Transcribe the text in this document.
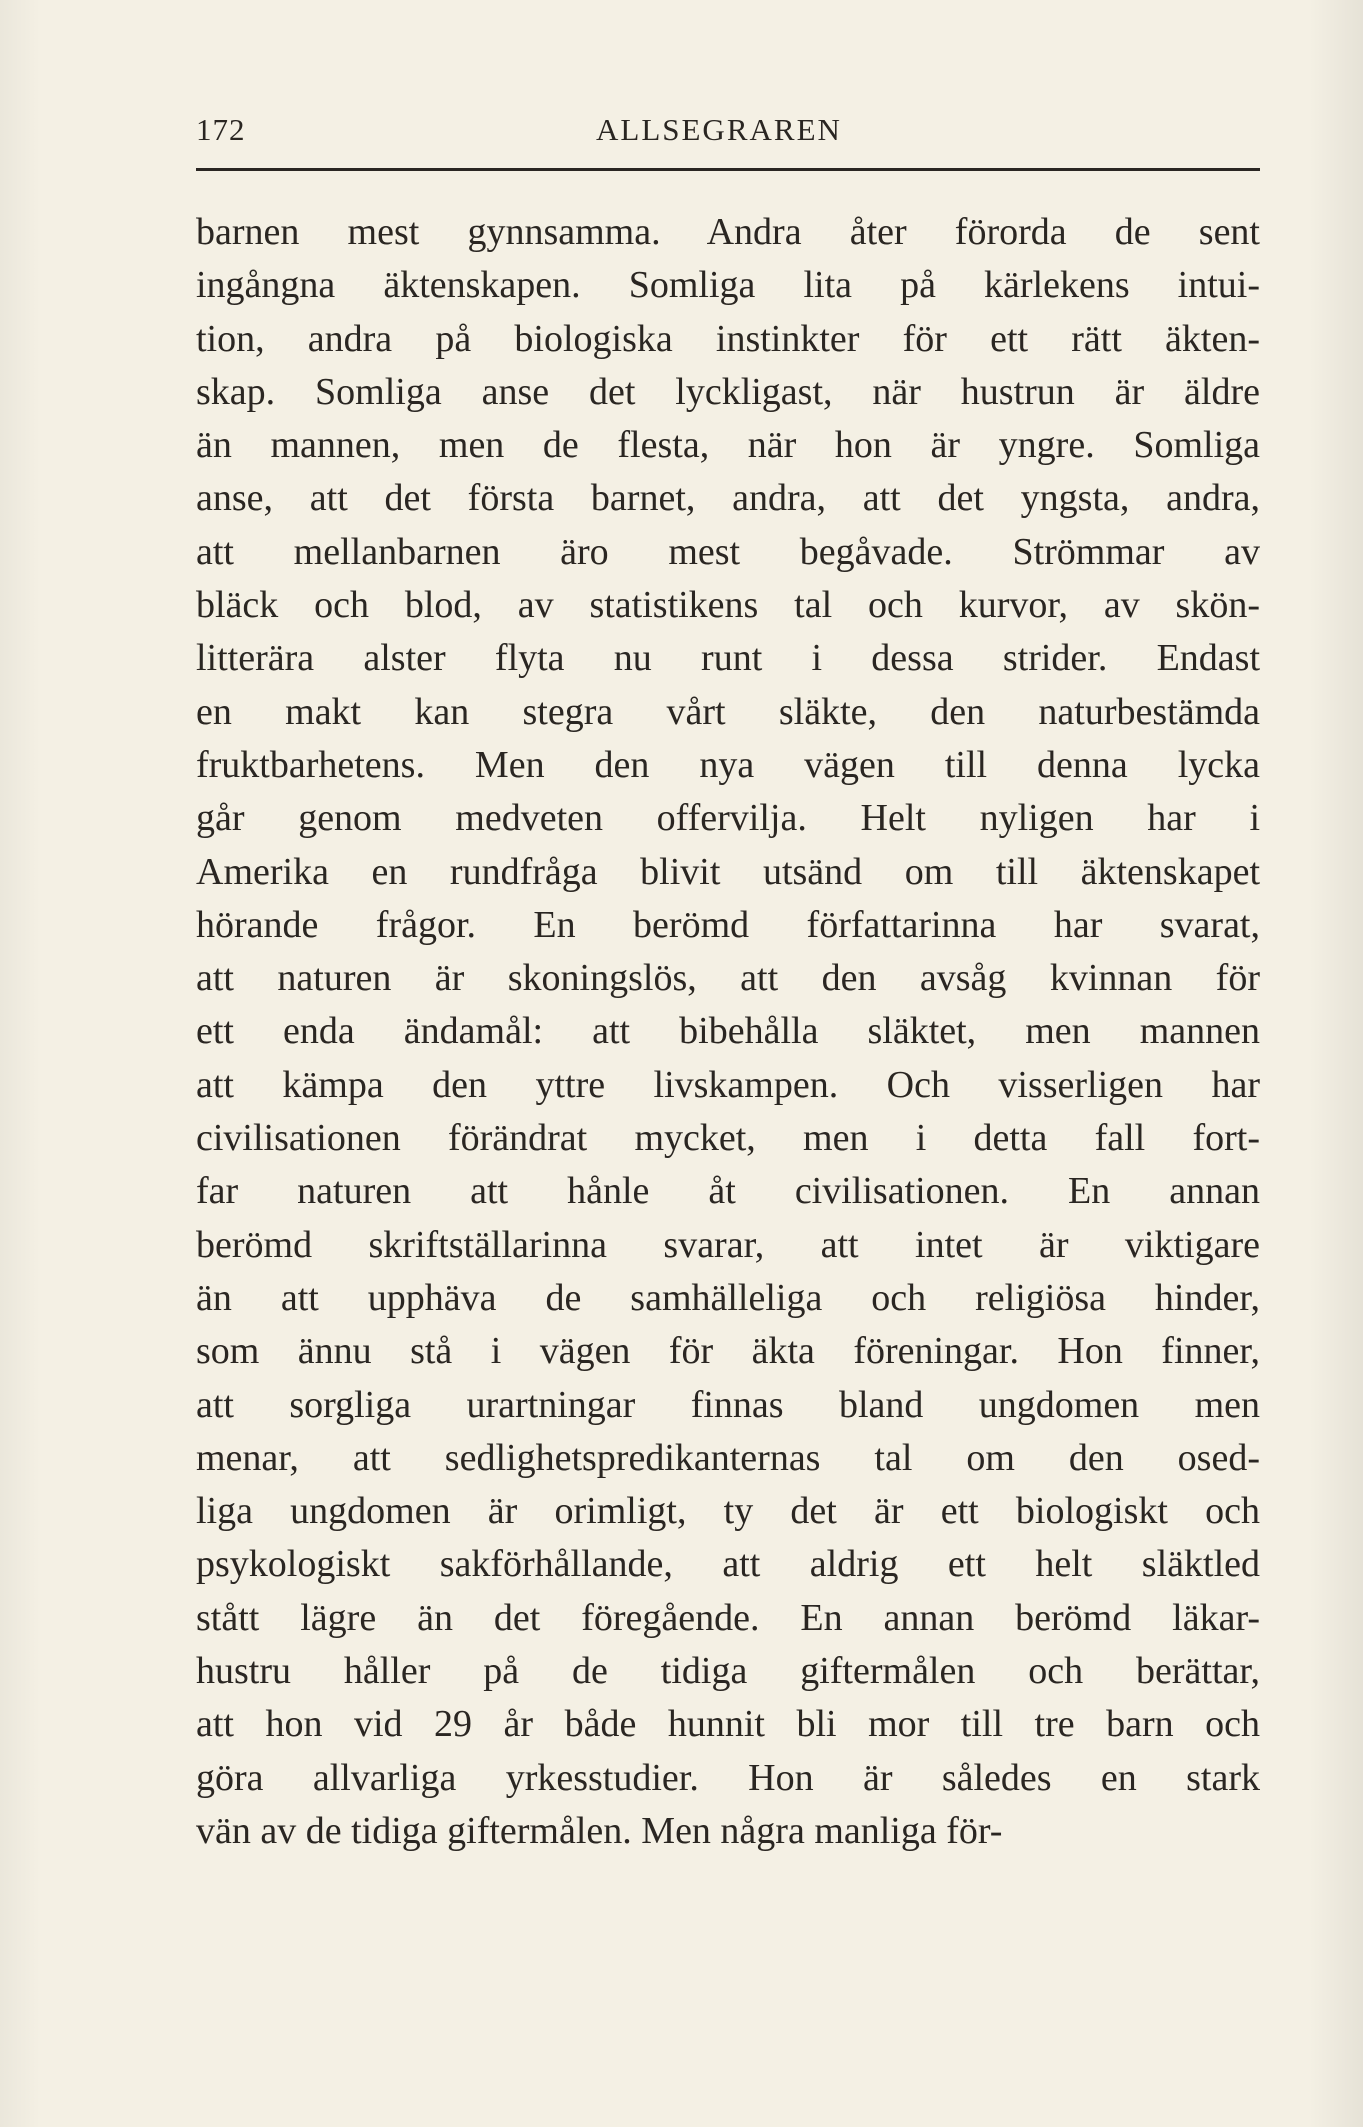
172	ALLSEGRAREN
barnen mest gynnsamma. Andra åter förorda de sent
ingångna äktenskapen. Somliga lita på kärlekens intui-
tion, andra på biologiska instinkter för ett rätt äkten-
skap. Somliga anse det lyckligast, när hustrun är äldre
än mannen, men de flesta, när hon är yngre. Somliga
anse, att det första barnet, andra, att det yngsta, andra,
att mellanbarnen äro mest begåvade. Strömmar av
bläck och blod, av statistikens tal och kurvor, av skön-
litterära alster flyta nu runt i dessa strider. Endast
en makt kan stegra vårt släkte, den naturbestämda
fruktbarhetens. Men den nya vägen till denna lycka
går genom medveten offervilja. Helt nyligen har i
Amerika en rundfråga blivit utsänd om till äktenskapet
hörande frågor. En berömd författarinna har svarat,
att naturen är skoningslös, att den avsåg kvinnan för
ett enda ändamål: att bibehålla släktet, men mannen
att kämpa den yttre livskampen. Och visserligen har
civilisationen förändrat mycket, men i detta fall fort-
far naturen att hånle åt civilisationen. En annan
berömd skriftställarinna svarar, att intet är viktigare
än att upphäva de samhälleliga och religiösa hinder,
som ännu stå i vägen för äkta föreningar. Hon finner,
att sorgliga urartningar finnas bland ungdomen men
menar, att sedlighetspredikanternas tal om den osed-
liga ungdomen är orimligt, ty det är ett biologiskt och
psykologiskt sakförhållande, att aldrig ett helt släktled
stått lägre än det föregående. En annan berömd läkar-
hustru håller på de tidiga giftermålen och berättar,
att hon vid 29 år både hunnit bli mor till tre barn och
göra allvarliga yrkesstudier. Hon är således en stark
vän av de tidiga giftermålen. Men några manliga för-
